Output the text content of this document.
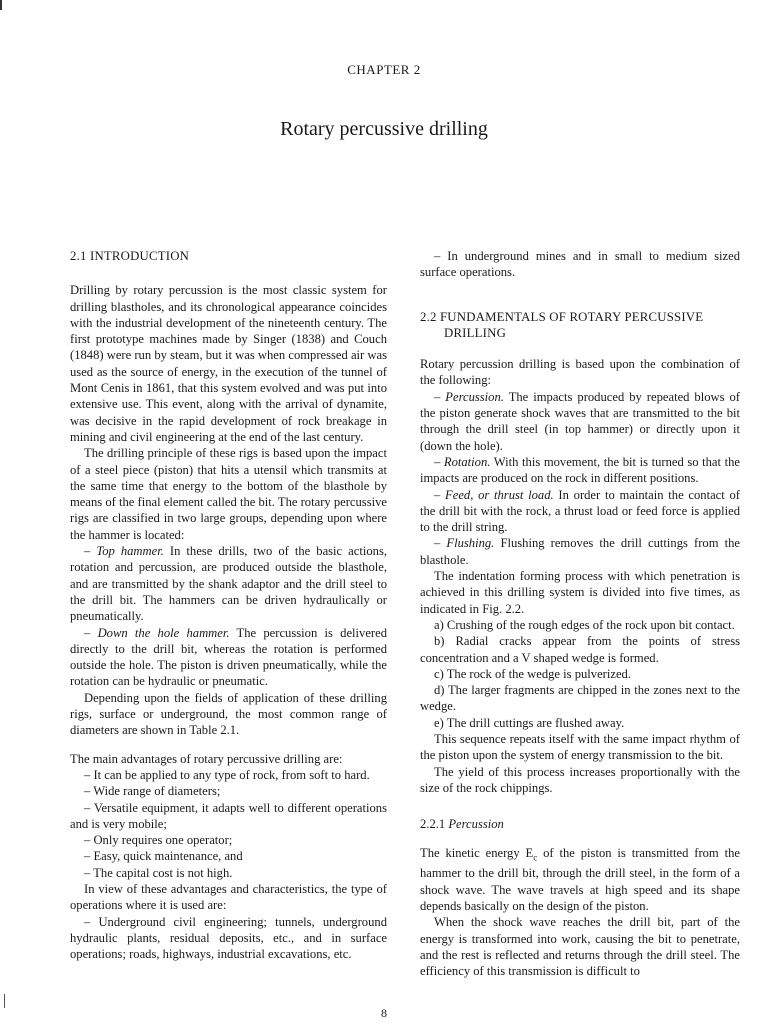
CHAPTER 2
Rotary percussive drilling
2.1 INTRODUCTION

Drilling by rotary percussion is the most classic system for drilling blastholes, and its chronological appearance coincides with the industrial development of the nineteenth century. The first prototype machines made by Singer (1838) and Couch (1848) were run by steam, but it was when compressed air was used as the source of energy, in the execution of the tunnel of Mont Cenis in 1861, that this system evolved and was put into extensive use. This event, along with the arrival of dynamite, was decisive in the rapid development of rock breakage in mining and civil engineering at the end of the last century.

The drilling principle of these rigs is based upon the impact of a steel piece (piston) that hits a utensil which transmits at the same time that energy to the bottom of the blasthole by means of the final element called the bit. The rotary percussive rigs are classified in two large groups, depending upon where the hammer is located:

– Top hammer. In these drills, two of the basic actions, rotation and percussion, are produced outside the blasthole, and are transmitted by the shank adaptor and the drill steel to the drill bit. The hammers can be driven hydraulically or pneumatically.

– Down the hole hammer. The percussion is delivered directly to the drill bit, whereas the rotation is performed outside the hole. The piston is driven pneumatically, while the rotation can be hydraulic or pneumatic.

Depending upon the fields of application of these drilling rigs, surface or underground, the most common range of diameters are shown in Table 2.1.

The main advantages of rotary percussive drilling are:

– It can be applied to any type of rock, from soft to hard.

– Wide range of diameters;

– Versatile equipment, it adapts well to different operations and is very mobile;

– Only requires one operator;

– Easy, quick maintenance, and

– The capital cost is not high.

In view of these advantages and characteristics, the type of operations where it is used are:

– Underground civil engineering; tunnels, underground hydraulic plants, residual deposits, etc., and in surface operations; roads, highways, industrial excavations, etc.

– In underground mines and in small to medium sized surface operations.

2.2 FUNDAMENTALS OF ROTARY PERCUSSIVE
DRILLING

Rotary percussion drilling is based upon the combination of the following:

– Percussion. The impacts produced by repeated blows of the piston generate shock waves that are transmitted to the bit through the drill steel (in top hammer) or directly upon it (down the hole).

– Rotation. With this movement, the bit is turned so that the impacts are produced on the rock in different positions.

– Feed, or thrust load. In order to maintain the contact of the drill bit with the rock, a thrust load or feed force is applied to the drill string.

– Flushing. Flushing removes the drill cuttings from the blasthole.

The indentation forming process with which penetration is achieved in this drilling system is divided into five times, as indicated in Fig. 2.2.

a) Crushing of the rough edges of the rock upon bit contact.

b) Radial cracks appear from the points of stress concentration and a V shaped wedge is formed.

c) The rock of the wedge is pulverized.

d) The larger fragments are chipped in the zones next to the wedge.

e) The drill cuttings are flushed away.

This sequence repeats itself with the same impact rhythm of the piston upon the system of energy transmission to the bit.

The yield of this process increases proportionally with the size of the rock chippings.

2.2.1 Percussion

The kinetic energy $E_c$ of the piston is transmitted from the hammer to the drill bit, through the drill steel, in the form of a shock wave. The wave travels at high speed and its shape depends basically on the design of the piston.

When the shock wave reaches the drill bit, part of the energy is transformed into work, causing the bit to penetrate, and the rest is reflected and returns through the drill steel. The efficiency of this transmission is difficult to

8
